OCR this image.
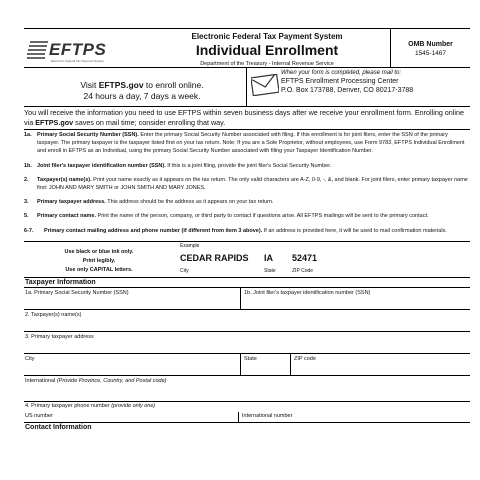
EFTPS
Electronic Federal Tax Payment System
Electronic Federal Tax Payment System
Individual Enrollment
Department of the Treasury - Internal Revenue Service
OMB Number
1545-1467
Visit EFTPS.gov to enroll online.
24 hours a day, 7 days a week.
When your form is completed, please mail to:
EFTPS Enrollment Processing Center
P.O. Box 173788, Denver, CO 80217-3788
You will receive the information you need to use EFTPS within seven business days after we receive your enrollment form. Enrolling online via EFTPS.gov saves on mail time; consider enrolling that way.
1a. Primary Social Security Number (SSN). Enter the primary Social Security Number associated with filing. If this enrollment is for joint filers, enter the SSN of the primary taxpayer. The primary taxpayer is the taxpayer listed first on your tax return. Note: If you are a Sole Proprietor, without employees, use Form 9783, EFTPS Individual Enrollment and enroll in EFTPS as an Individual, using the primary Social Security Number associated with filing your Taxpayer Identification Number.
1b. Joint filer's taxpayer identification number (SSN). If this is a joint filing, provide the joint filer's Social Security Number.
2.	Taxpayer(s) name(s). Print your name exactly as it appears on the tax return. The only valid characters are A-Z, 0-9, -, &, and blank. For joint filers, enter primary taxpayer name first: JOHN AND MARY SMITH or JOHN SMITH AND MARY JONES.
3.	Primary taxpayer address. This address should be the address as it appears on your tax return.
5.	Primary contact name. Print the name of the person, company, or third party to contact if questions arise. All EFTPS mailings will be sent to the primary contact.
6-7.	Primary contact mailing address and phone number (if different from item 3 above). If an address is provided here, it will be used to mail confirmation materials.
Use black or blue ink only.
Print legibly.
Use only CAPITAL letters.
Example
CEDAR RAPIDS IA 52471
City	State	ZIP Code
Taxpayer Information
1a. Primary Social Security Number (SSN)	1b. Joint filer's taxpayer identification number (SSN)
2. Taxpayer(s) name(s)
3. Primary taxpayer address
City	State	ZIP code
International (Provide Province, Country, and Postal code)
4. Primary taxpayer phone number (provide only one)
US number	International number
Contact Information
